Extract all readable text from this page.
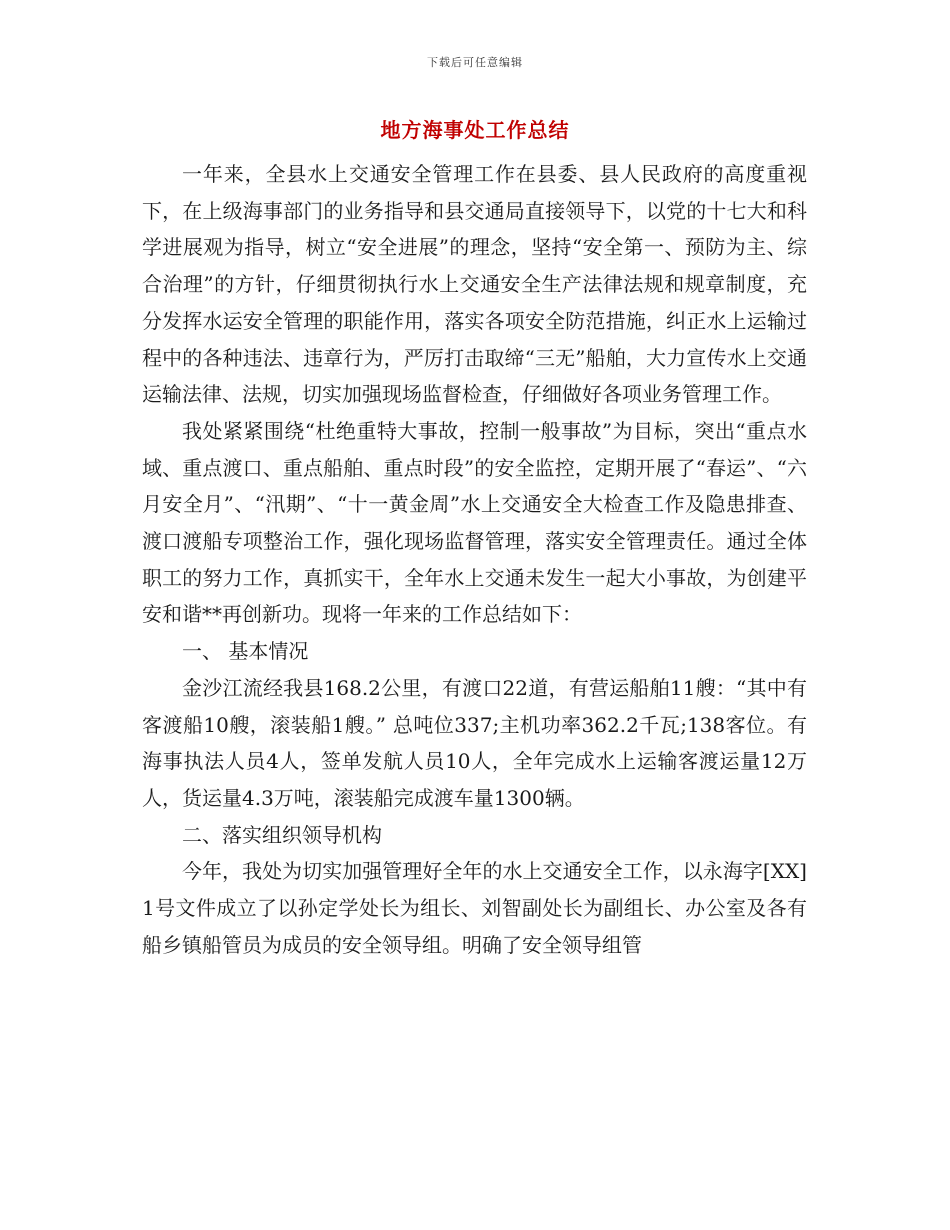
下载后可任意编辑
地方海事处工作总结

一年来，全县水上交通安全管理工作在县委、县人民政府的高度重视下，在上级海事部门的业务指导和县交通局直接领导下，以党的十七大和科学进展观为指导，树立“安全进展”的理念，坚持“安全第一、预防为主、综合治理”的方针，仔细贯彻执行水上交通安全生产法律法规和规章制度，充分发挥水运安全管理的职能作用，落实各项安全防范措施，纠正水上运输过程中的各种违法、违章行为，严厉打击取缔“三无”船舶，大力宣传水上交通运输法律、法规，切实加强现场监督检查，仔细做好各项业务管理工作。

我处紧紧围绕“杜绝重特大事故，控制一般事故”为目标，突出“重点水域、重点渡口、重点船舶、重点时段”的安全监控，定期开展了“春运”、“六月安全月”、“汛期”、“十一黄金周”水上交通安全大检查工作及隐患排查、渡口渡船专项整治工作，强化现场监督管理，落实安全管理责任。通过全体职工的努力工作，真抓实干，全年水上交通未发生一起大小事故，为创建平安和谐**再创新功。现将一年来的工作总结如下：

一、 基本情况

金沙江流经我县168.2公里，有渡口22道，有营运船舶11艘：“其中有客渡船10艘，滚装船1艘。” 总吨位337;主机功率362.2千瓦;138客位。有海事执法人员4人，签单发航人员10人，全年完成水上运输客渡运量12万人，货运量4.3万吨，滚装船完成渡车量1300辆。

二、落实组织领导机构

今年，我处为切实加强管理好全年的水上交通安全工作，以永海字[XX]1号文件成立了以孙定学处长为组长、刘智副处长为副组长、办公室及各有船乡镇船管员为成员的安全领导组。明确了安全领导组管
